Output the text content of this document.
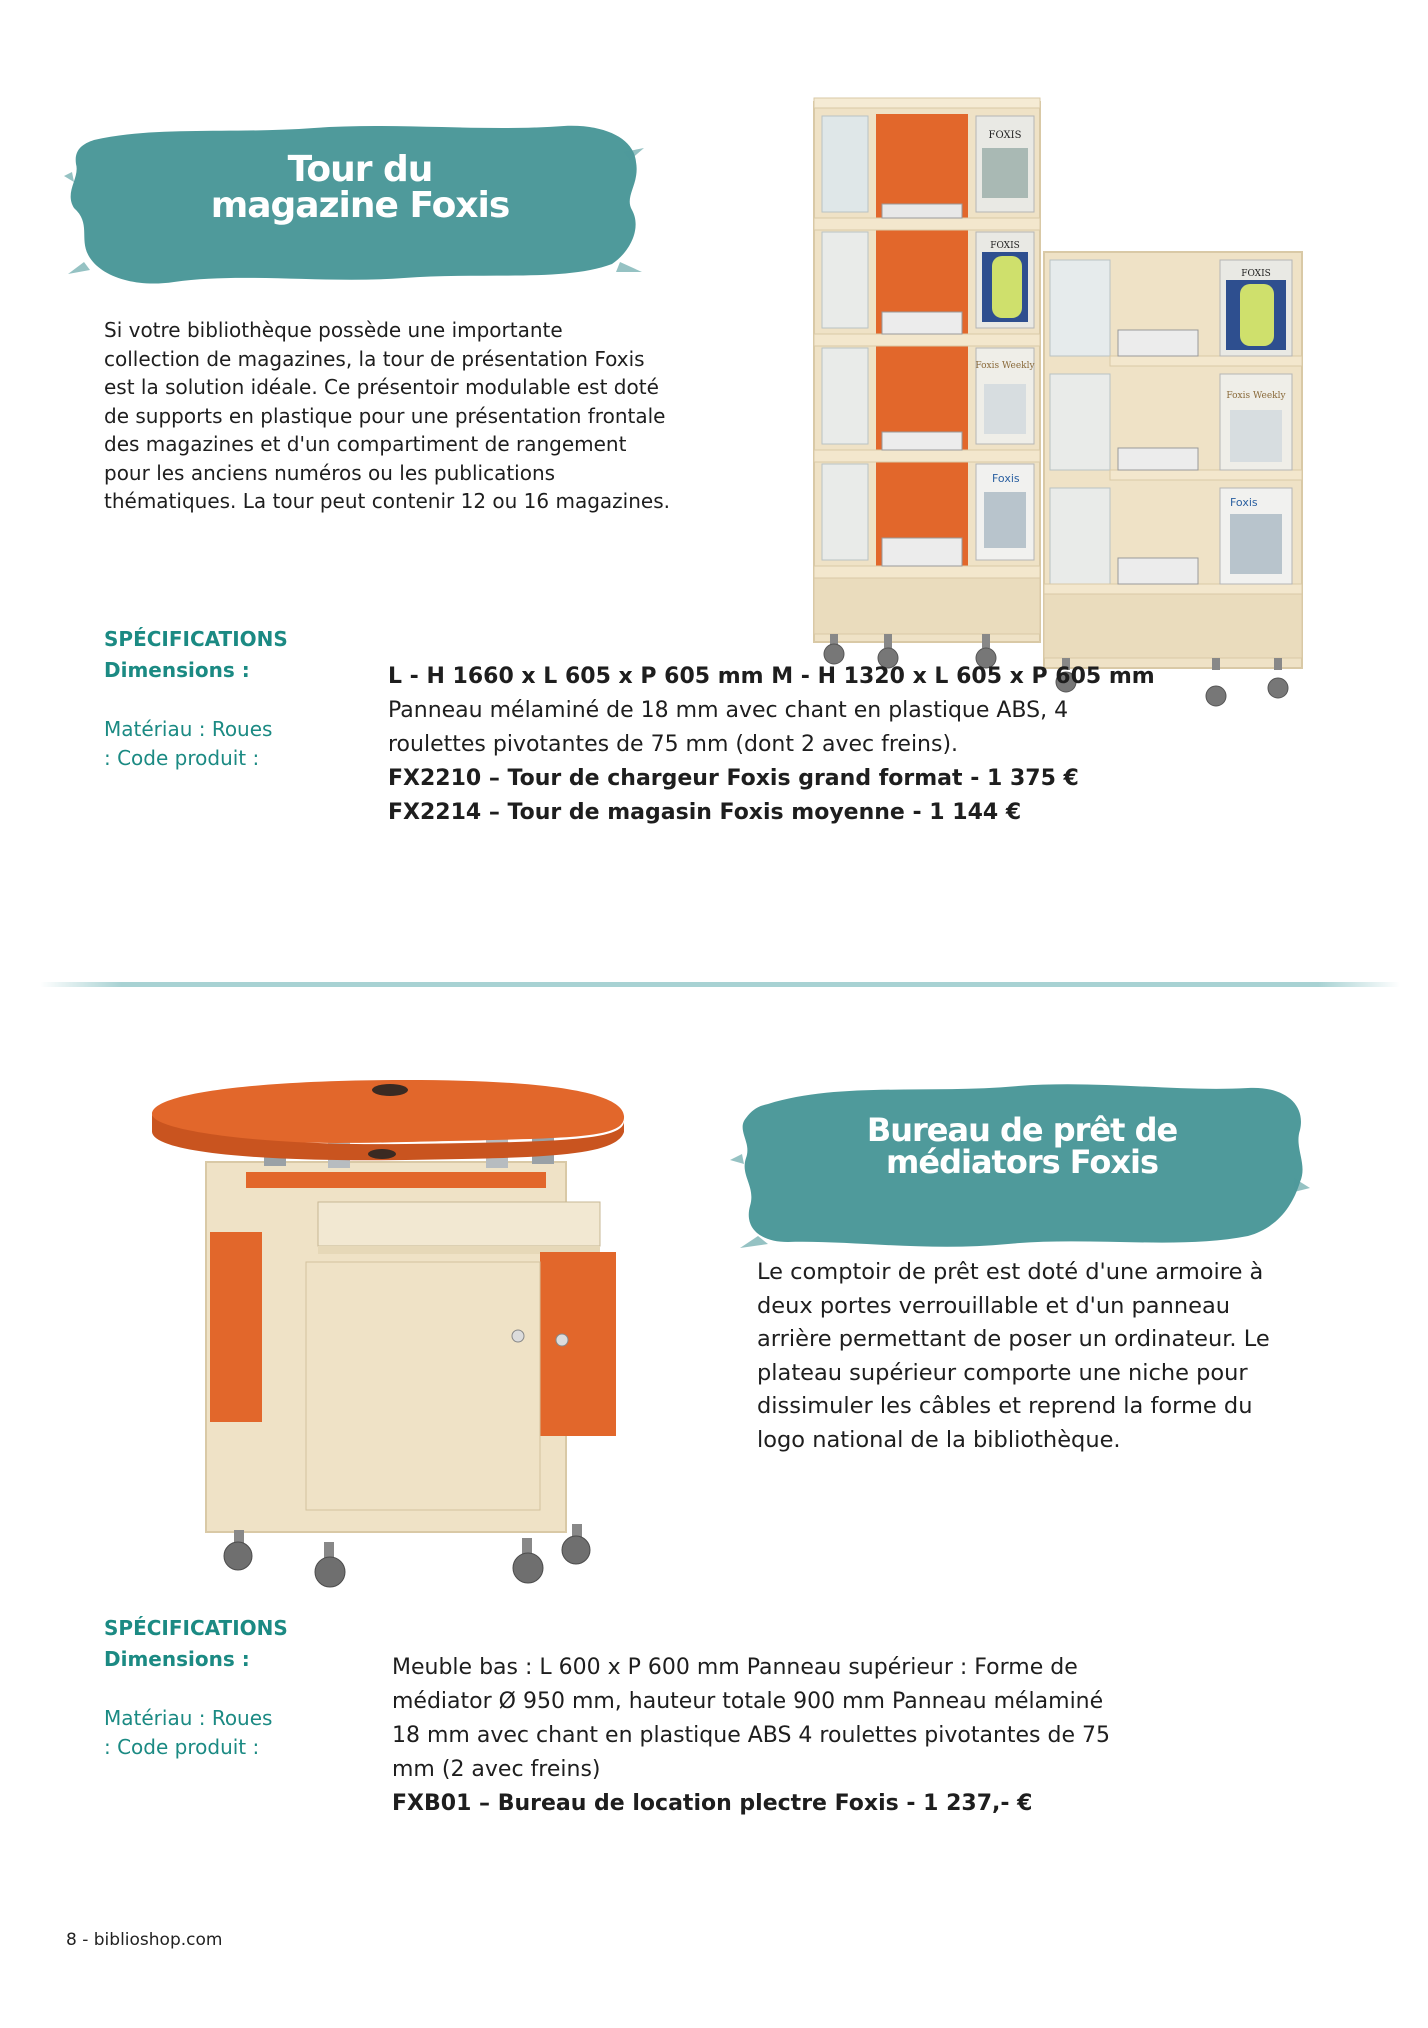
Tour du
magazine Foxis
Si votre bibliothèque possède une importante
collection de magazines, la tour de présentation Foxis
est la solution idéale. Ce présentoir modulable est doté
de supports en plastique pour une présentation frontale
des magazines et d'un compartiment de rangement
pour les anciens numéros ou les publications
thématiques. La tour peut contenir 12 ou 16 magazines.
FOXIS
FOXIS
Foxis Weekly
Foxis
FOXIS
Foxis Weekly
Foxis
SPÉCIFICATIONS
Dimensions :
Matériau : Roues
: Code produit :
L - H 1660 x L 605 x P 605 mm M - H 1320 x L 605 x P 605 mm
Panneau mélaminé de 18 mm avec chant en plastique ABS, 4
roulettes pivotantes de 75 mm (dont 2 avec freins).
FX2210 – Tour de chargeur Foxis grand format - 1 375 €
FX2214 – Tour de magasin Foxis moyenne - 1 144 €
Bureau de prêt de
médiators Foxis
Le comptoir de prêt est doté d'une armoire à
deux portes verrouillable et d'un panneau
arrière permettant de poser un ordinateur. Le
plateau supérieur comporte une niche pour
dissimuler les câbles et reprend la forme du
logo national de la bibliothèque.
SPÉCIFICATIONS
Dimensions :
Matériau : Roues
: Code produit :
Meuble bas : L 600 x P 600 mm Panneau supérieur : Forme de
médiator Ø 950 mm, hauteur totale 900 mm Panneau mélaminé
18 mm avec chant en plastique ABS 4 roulettes pivotantes de 75
mm (2 avec freins)
FXB01 – Bureau de location plectre Foxis - 1 237,- €
8 - biblioshop.com
